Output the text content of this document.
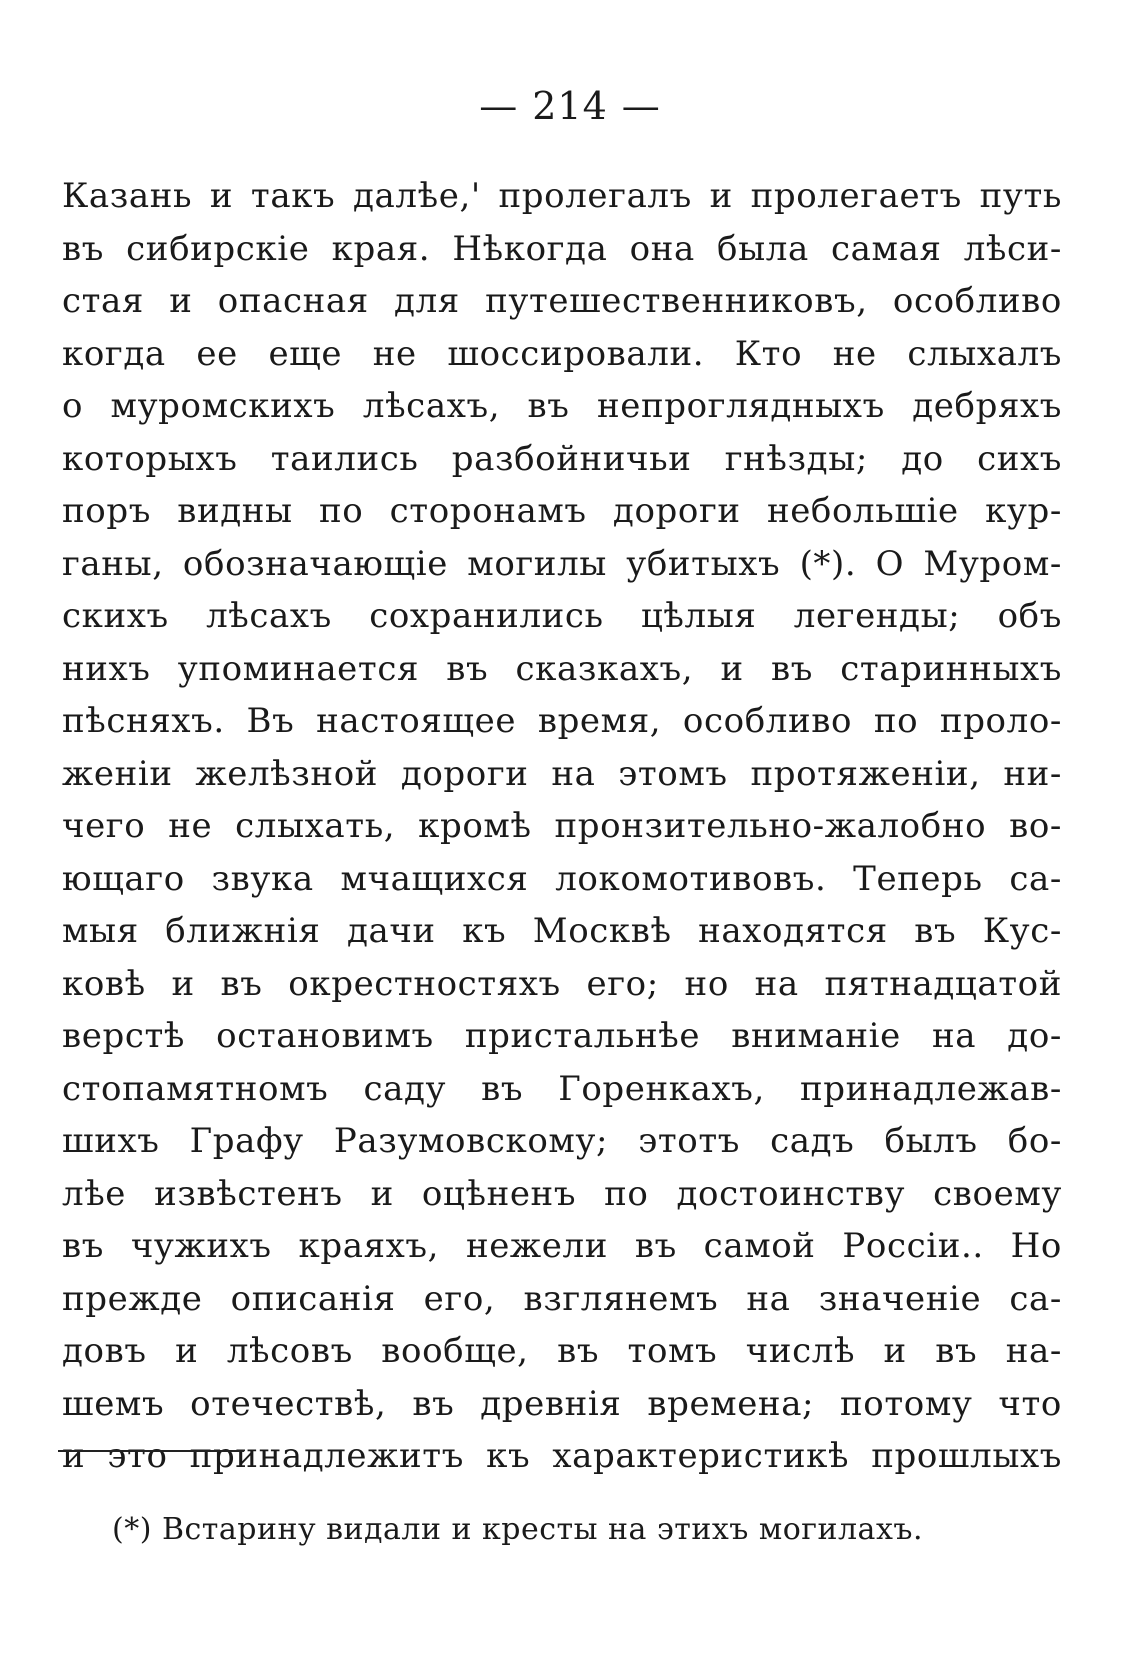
— 214 —
Казань и такъ далѣе,' пролегалъ и пролегаетъ путь
въ сибирскіе края. Нѣкогда она была самая лѣси-
стая и опасная для путешественниковъ, особливо
когда ее еще не шоссировали. Кто не слыхалъ
о муромскихъ лѣсахъ, въ непроглядныхъ дебряхъ
которыхъ таились разбойничьи гнѣзды; до сихъ
поръ видны по сторонамъ дороги небольшіе кур-
ганы, обозначающіе могилы убитыхъ (*). О Муром-
скихъ лѣсахъ сохранились цѣлыя легенды; объ
нихъ упоминается въ сказкахъ, и въ старинныхъ
пѣсняхъ. Въ настоящее время, особливо по проло-
женіи желѣзной дороги на этомъ протяженіи, ни-
чего не слыхать, кромѣ пронзительно-жалобно во-
ющаго звука мчащихся локомотивовъ. Теперь са-
мыя ближнія дачи къ Москвѣ находятся въ Кус-
ковѣ и въ окрестностяхъ его; но на пятнадцатой
верстѣ остановимъ пристальнѣе вниманіе на до-
стопамятномъ саду въ Горенкахъ, принадлежав-
шихъ Графу Разумовскому; этотъ садъ былъ бо-
лѣе извѣстенъ и оцѣненъ по достоинству своему
въ чужихъ краяхъ, нежели въ самой Россіи.. Но
прежде описанія его, взглянемъ на значеніе са-
довъ и лѣсовъ вообще, въ томъ числѣ и въ на-
шемъ отечествѣ, въ древнія времена; потому что
и это принадлежитъ къ характеристикѣ прошлыхъ
(*) Встарину видали и кресты на этихъ могилахъ.
